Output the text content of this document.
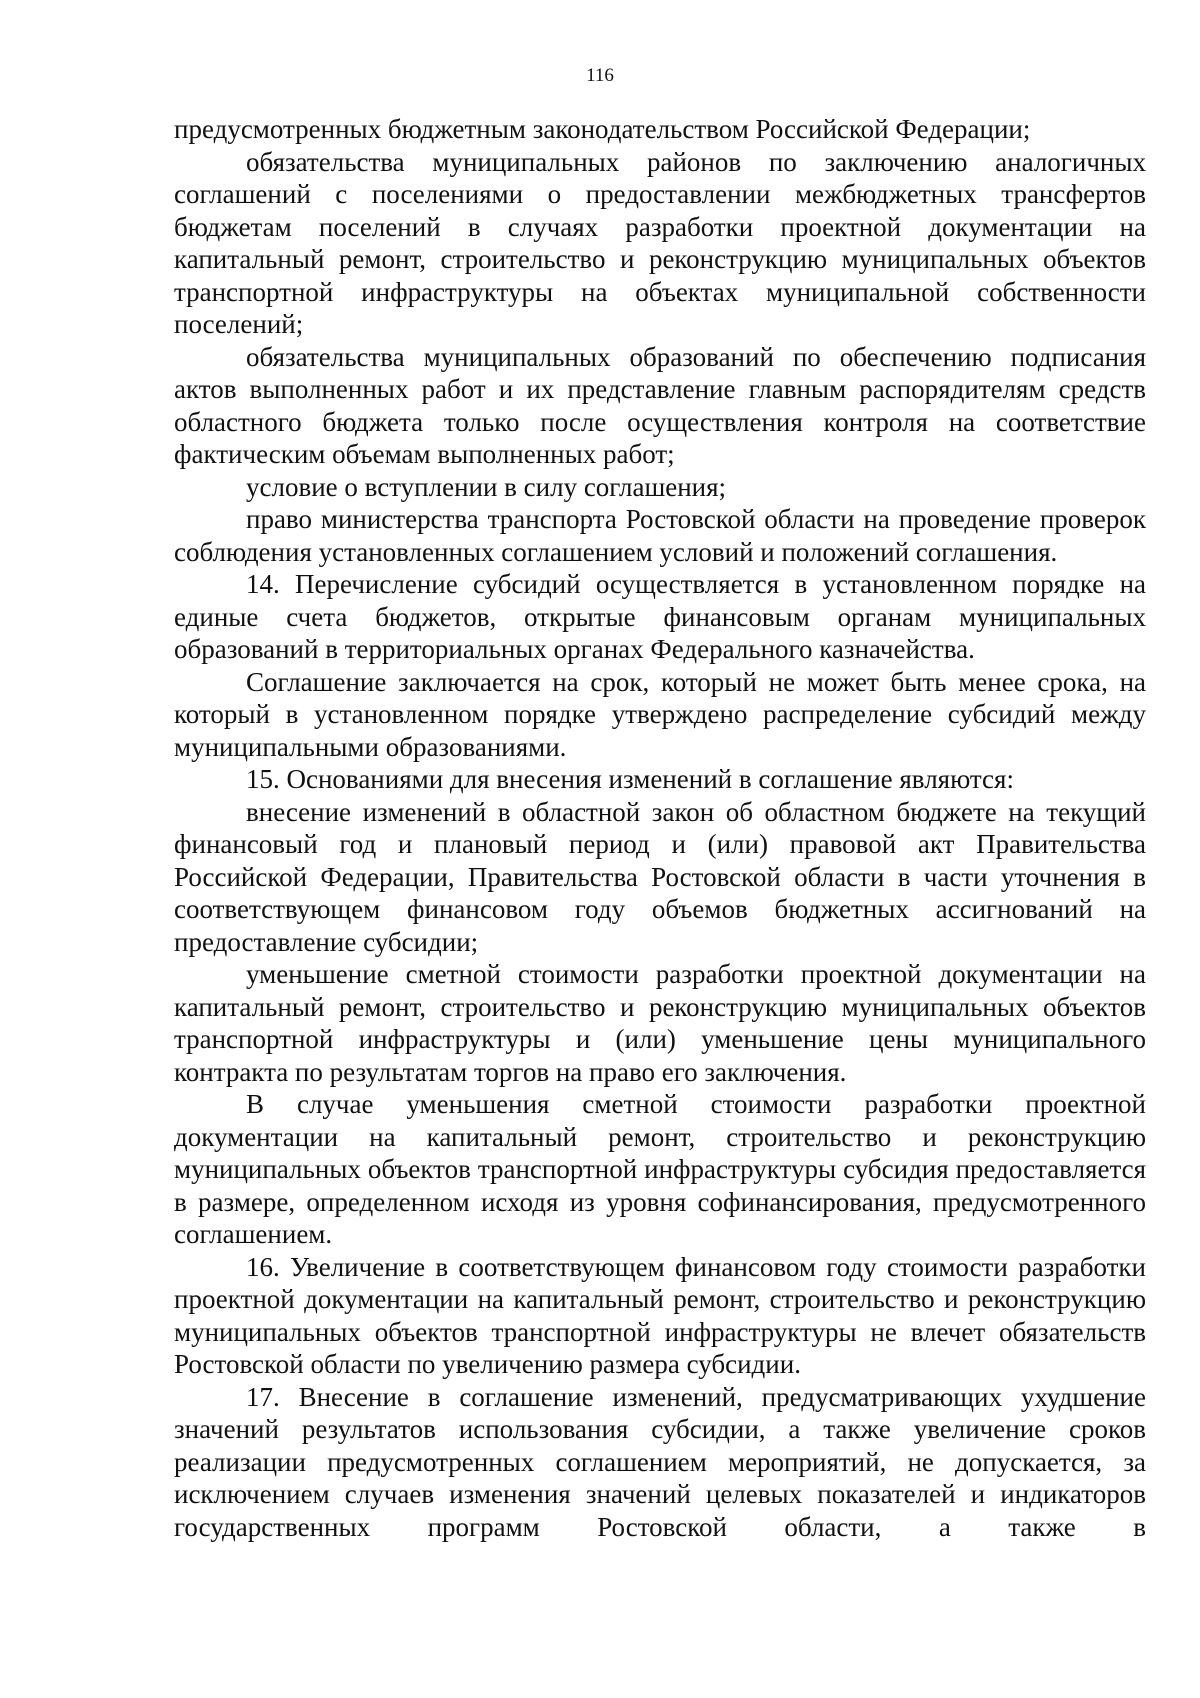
116

предусмотренных бюджетным законодательством Российской Федерации;

обязательства муниципальных районов по заключению аналогичных соглашений с поселениями о предоставлении межбюджетных трансфертов бюджетам поселений в случаях разработки проектной документации на капитальный ремонт, строительство и реконструкцию муниципальных объектов транспортной инфраструктуры на объектах муниципальной собственности поселений;

обязательства муниципальных образований по обеспечению подписания актов выполненных работ и их представление главным распорядителям средств областного бюджета только после осуществления контроля на соответствие фактическим объемам выполненных работ;

условие о вступлении в силу соглашения;

право министерства транспорта Ростовской области на проведение проверок соблюдения установленных соглашением условий и положений соглашения.

14. Перечисление субсидий осуществляется в установленном порядке на единые счета бюджетов, открытые финансовым органам муниципальных образований в территориальных органах Федерального казначейства.

Соглашение заключается на срок, который не может быть менее срока, на который в установленном порядке утверждено распределение субсидий между муниципальными образованиями.

15. Основаниями для внесения изменений в соглашение являются:

внесение изменений в областной закон об областном бюджете на текущий финансовый год и плановый период и (или) правовой акт Правительства Российской Федерации, Правительства Ростовской области в части уточнения в соответствующем финансовом году объемов бюджетных ассигнований на предоставление субсидии;

уменьшение сметной стоимости разработки проектной документации на капитальный ремонт, строительство и реконструкцию муниципальных объектов транспортной инфраструктуры и (или) уменьшение цены муниципального контракта по результатам торгов на право его заключения.

В случае уменьшения сметной стоимости разработки проектной документации на капитальный ремонт, строительство и реконструкцию муниципальных объектов транспортной инфраструктуры субсидия предоставляется в размере, определенном исходя из уровня софинансирования, предусмотренного соглашением.

16. Увеличение в соответствующем финансовом году стоимости разработки проектной документации на капитальный ремонт, строительство и реконструкцию муниципальных объектов транспортной инфраструктуры не влечет обязательств Ростовской области по увеличению размера субсидии.

17. Внесение в соглашение изменений, предусматривающих ухудшение значений результатов использования субсидии, а также увеличение сроков реализации предусмотренных соглашением мероприятий, не допускается, за исключением случаев изменения значений целевых показателей и индикаторов государственных программ Ростовской области, а также в
